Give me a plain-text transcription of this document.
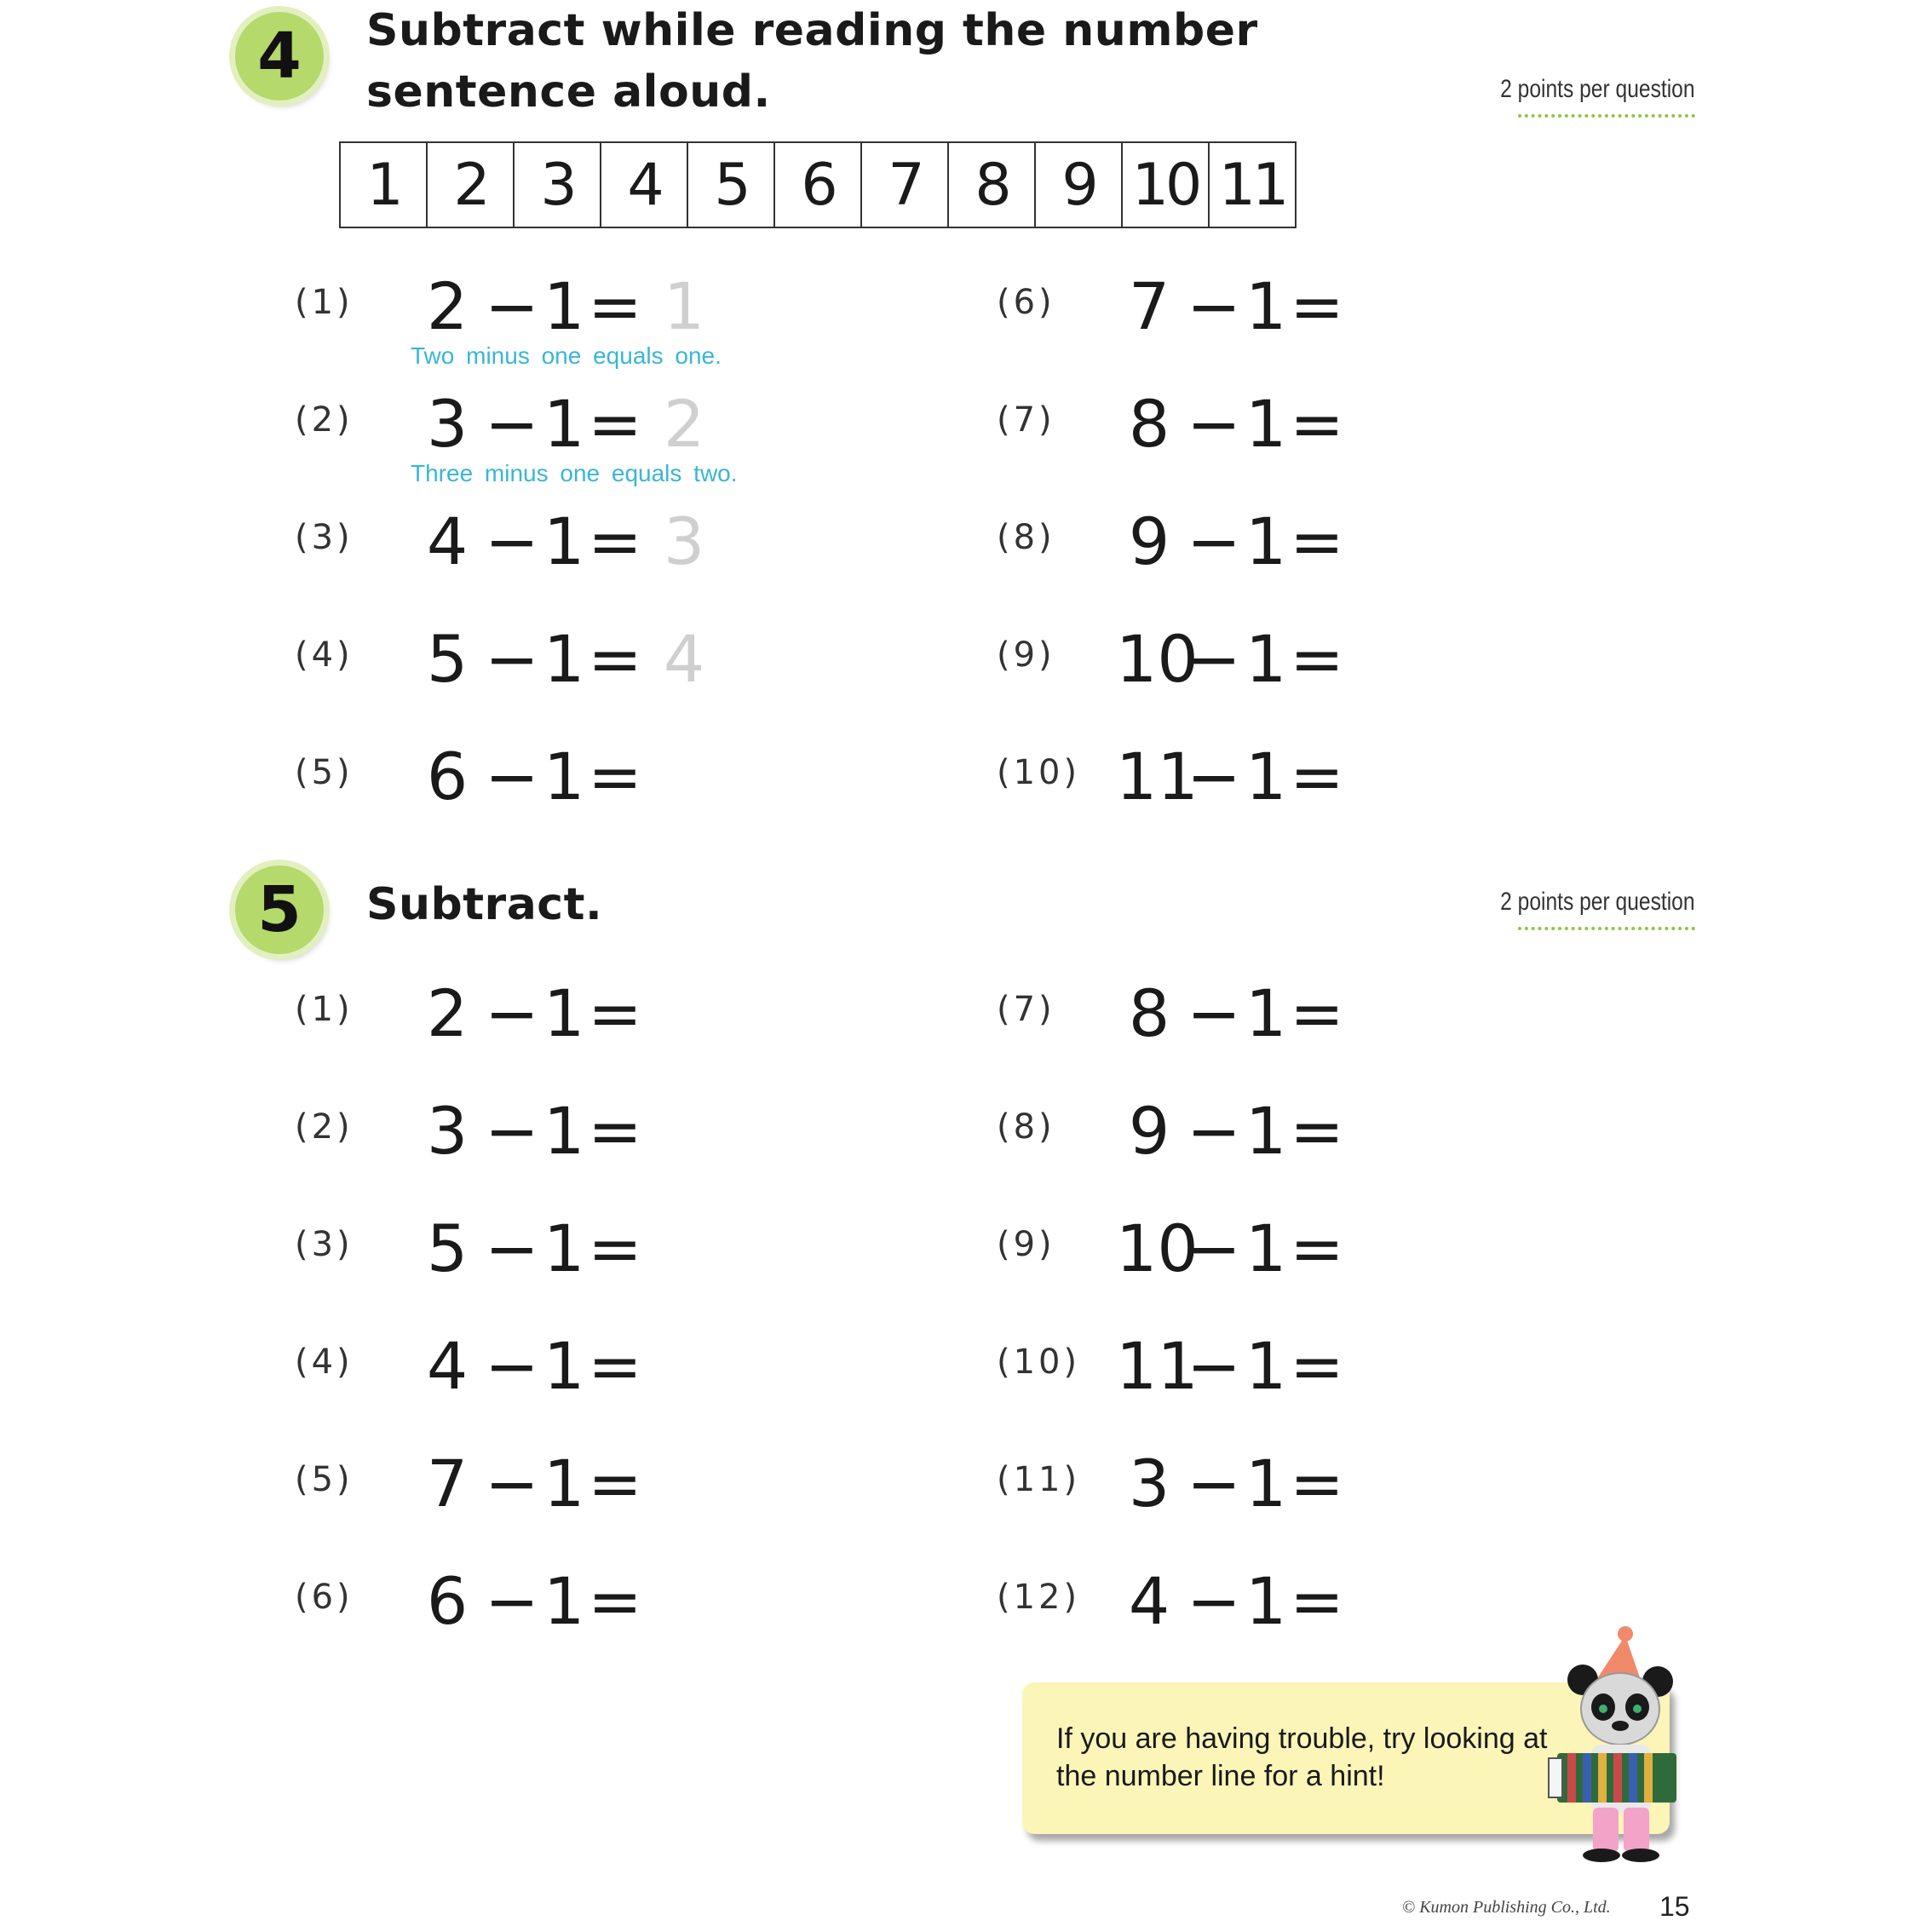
4	Subtract while reading the number
sentence aloud.	2 points per question
1 2 3 4 5 6 7 8 9 10 11
(1)	2 −1= 1
Two minus one equals one.
(2)	3 −1= 2
Three minus one equals two.
(3)	4 −1= 3
(4)	5 −1= 4
(5)	6 −1=
(6)	7 −1=
(7)	8 −1=
(8)	9 −1=
(9) 10−1=
(10) 11−1=
5	Subtract.	2 points per question
(1)	2 −1=
(2)	3 −1=
(3)	5 −1=
(4)	4 −1=
(5)	7 −1=
(6)	6 −1=
(7)	8 −1=
(8)	9 −1=
(9) 10−1=
(10) 11−1=
(11) 3 −1=
(12) 4 −1=
If you are having trouble, try looking at
the number line for a hint!
© Kumon Publishing Co., Ltd. 15
